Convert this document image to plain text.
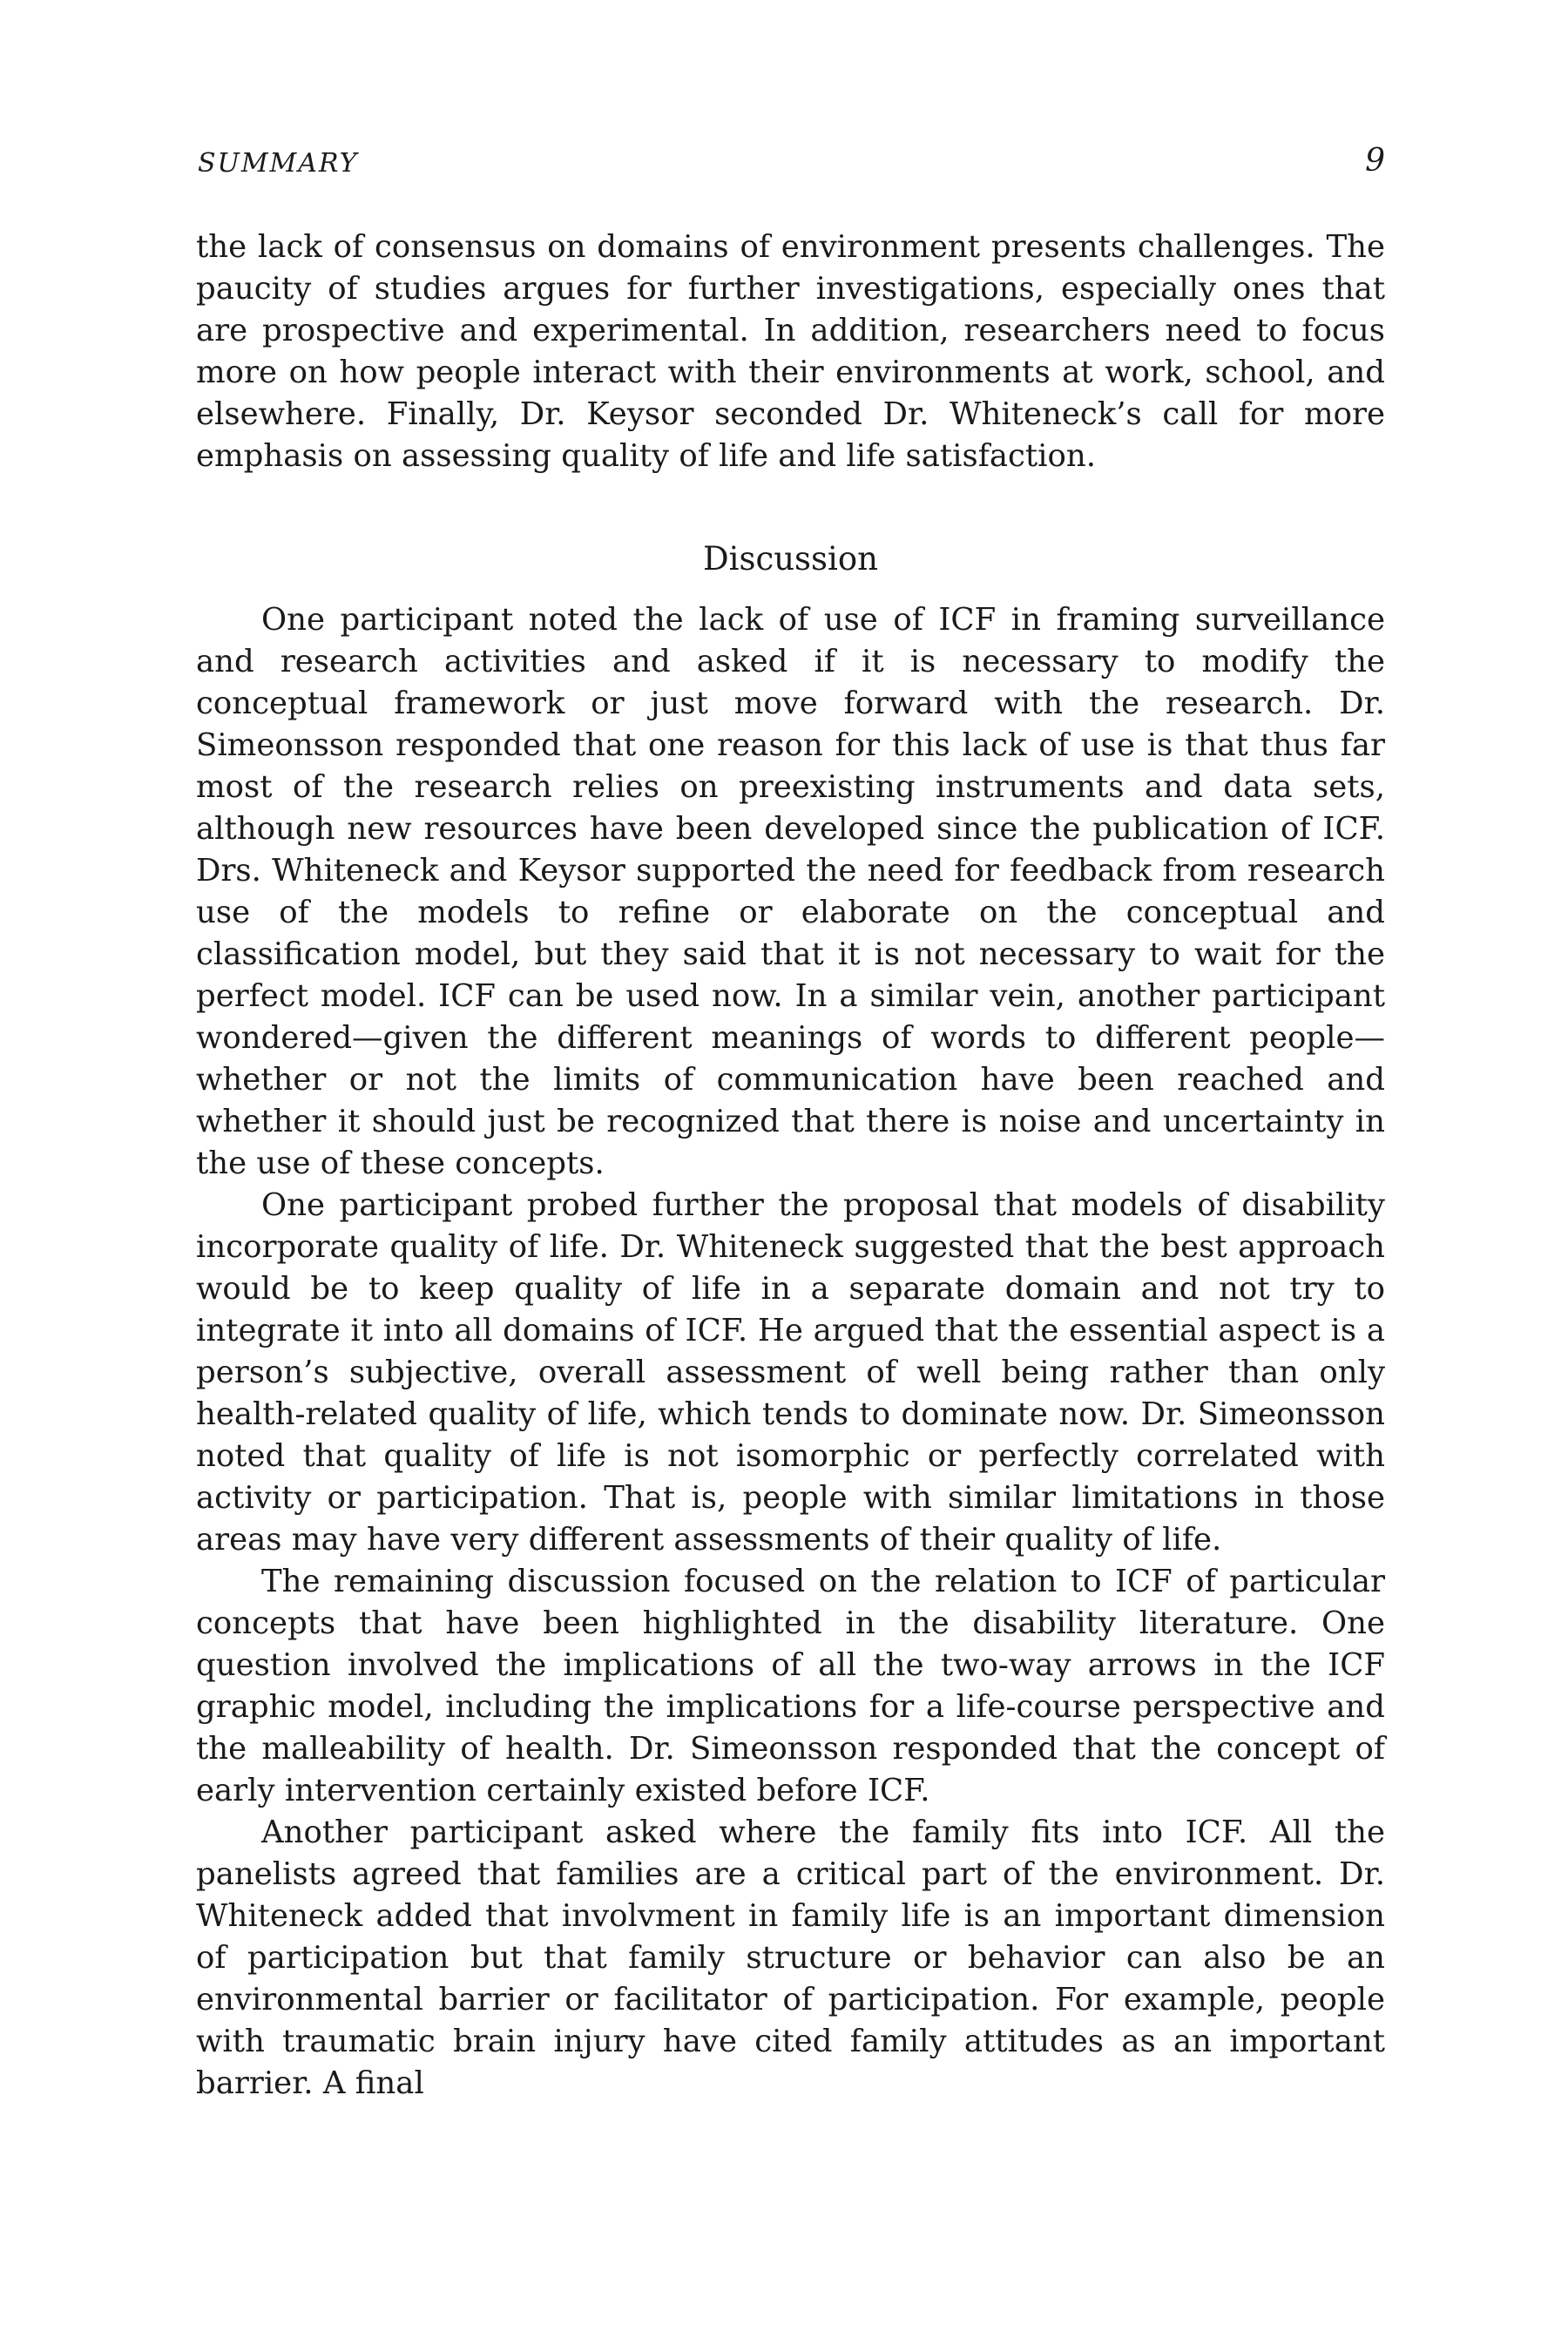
SUMMARY	9

the lack of consensus on domains of environment presents challenges. The paucity of studies argues for further investigations, especially ones that are prospective and experimental. In addition, researchers need to focus more on how people interact with their environments at work, school, and elsewhere. Finally, Dr. Keysor seconded Dr. Whiteneck’s call for more emphasis on assessing quality of life and life satisfaction.

Discussion

One participant noted the lack of use of ICF in framing surveillance and research activities and asked if it is necessary to modify the conceptual framework or just move forward with the research. Dr. Simeonsson responded that one reason for this lack of use is that thus far most of the research relies on preexisting instruments and data sets, although new resources have been developed since the publication of ICF. Drs. Whiteneck and Keysor supported the need for feedback from research use of the models to refine or elaborate on the conceptual and classification model, but they said that it is not necessary to wait for the perfect model. ICF can be used now. In a similar vein, another participant wondered—given the different meanings of words to different people—whether or not the limits of communication have been reached and whether it should just be recognized that there is noise and uncertainty in the use of these concepts.

One participant probed further the proposal that models of disability incorporate quality of life. Dr. Whiteneck suggested that the best approach would be to keep quality of life in a separate domain and not try to integrate it into all domains of ICF. He argued that the essential aspect is a person’s subjective, overall assessment of well being rather than only health-related quality of life, which tends to dominate now. Dr. Simeonsson noted that quality of life is not isomorphic or perfectly correlated with activity or participation. That is, people with similar limitations in those areas may have very different assessments of their quality of life.

The remaining discussion focused on the relation to ICF of particular concepts that have been highlighted in the disability literature. One question involved the implications of all the two-way arrows in the ICF graphic model, including the implications for a life-course perspective and the malleability of health. Dr. Simeonsson responded that the concept of early intervention certainly existed before ICF.

Another participant asked where the family fits into ICF. All the panelists agreed that families are a critical part of the environment. Dr. Whiteneck added that involvment in family life is an important dimension of participation but that family structure or behavior can also be an environmental barrier or facilitator of participation. For example, people with traumatic brain injury have cited family attitudes as an important barrier. A final
